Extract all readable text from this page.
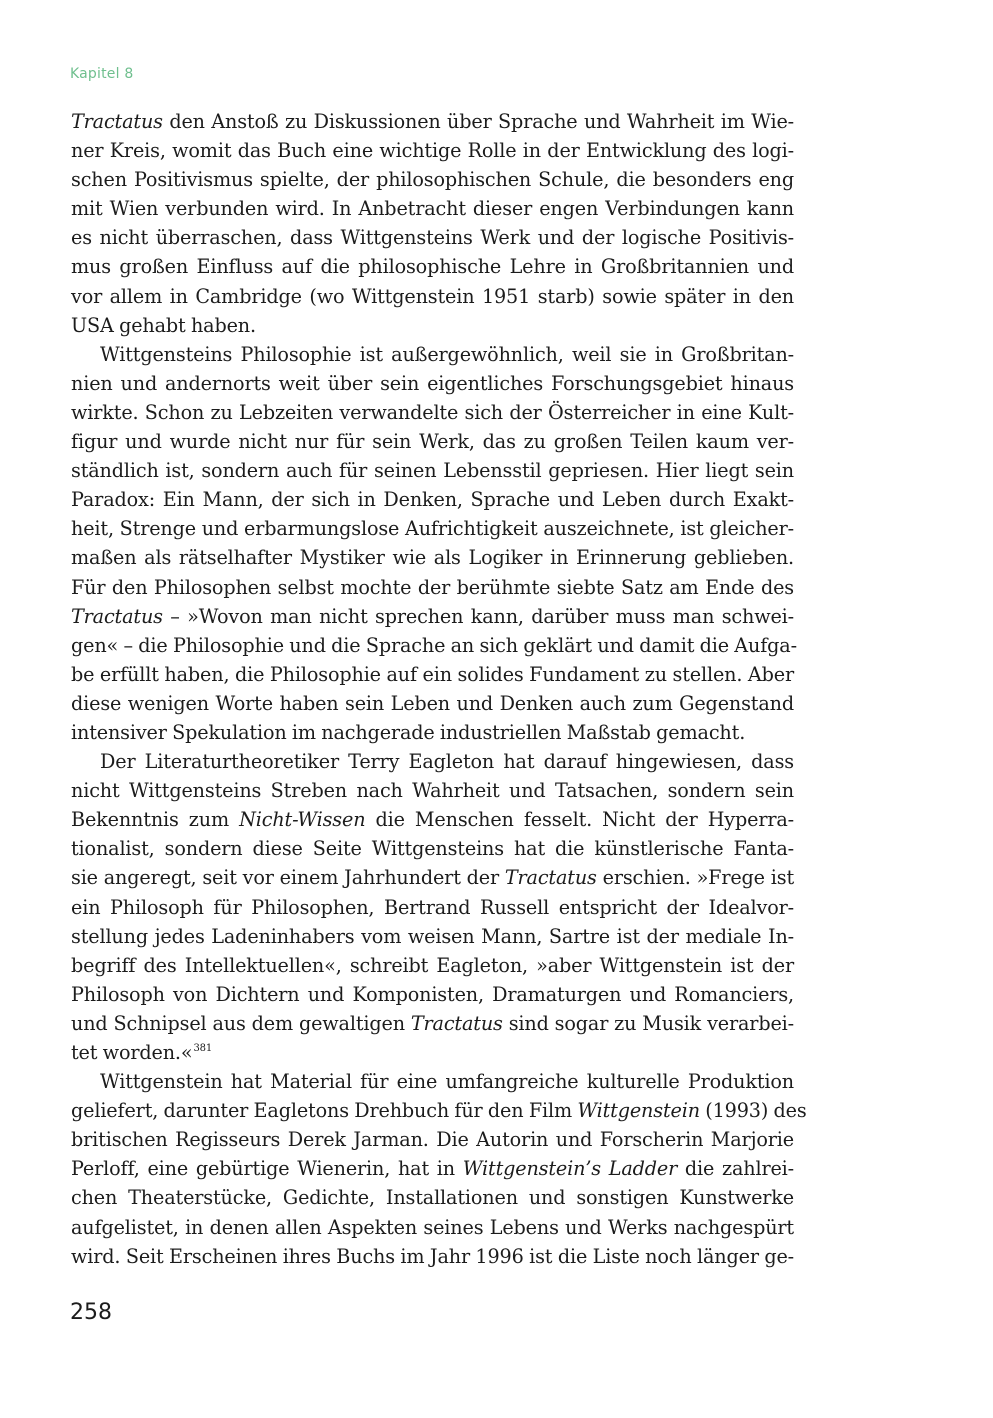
Kapitel 8
Tractatus den Anstoß zu Diskussionen über Sprache und Wahrheit im Wie-
ner Kreis, womit das Buch eine wichtige Rolle in der Entwicklung des logi-
schen Positivismus spielte, der philosophischen Schule, die besonders eng
mit Wien verbunden wird. In Anbetracht dieser engen Verbindungen kann
es nicht überraschen, dass Wittgensteins Werk und der logische Positivis-
mus großen Einfluss auf die philosophische Lehre in Großbritannien und
vor allem in Cambridge (wo Wittgenstein 1951 starb) sowie später in den
USA gehabt haben.
Wittgensteins Philosophie ist außergewöhnlich, weil sie in Großbritan-
nien und andernorts weit über sein eigentliches Forschungsgebiet hinaus
wirkte. Schon zu Lebzeiten verwandelte sich der Österreicher in eine Kult-
figur und wurde nicht nur für sein Werk, das zu großen Teilen kaum ver-
ständlich ist, sondern auch für seinen Lebensstil gepriesen. Hier liegt sein
Paradox: Ein Mann, der sich in Denken, Sprache und Leben durch Exakt-
heit, Strenge und erbarmungslose Aufrichtigkeit auszeichnete, ist gleicher-
maßen als rätselhafter Mystiker wie als Logiker in Erinnerung geblieben.
Für den Philosophen selbst mochte der berühmte siebte Satz am Ende des
Tractatus – »Wovon man nicht sprechen kann, darüber muss man schwei-
gen« – die Philosophie und die Sprache an sich geklärt und damit die Aufga-
be erfüllt haben, die Philosophie auf ein solides Fundament zu stellen. Aber
diese wenigen Worte haben sein Leben und Denken auch zum Gegenstand
intensiver Spekulation im nachgerade industriellen Maßstab gemacht.
Der Literaturtheoretiker Terry Eagleton hat darauf hingewiesen, dass
nicht Wittgensteins Streben nach Wahrheit und Tatsachen, sondern sein
Bekenntnis zum Nicht-Wissen die Menschen fesselt. Nicht der Hyperra-
tionalist, sondern diese Seite Wittgensteins hat die künstlerische Fanta-
sie angeregt, seit vor einem Jahrhundert der Tractatus erschien. »Frege ist
ein Philosoph für Philosophen, Bertrand Russell entspricht der Idealvor-
stellung jedes Ladeninhabers vom weisen Mann, Sartre ist der mediale In-
begriff des Intellektuellen«, schreibt Eagleton, »aber Wittgenstein ist der
Philosoph von Dichtern und Komponisten, Dramaturgen und Romanciers,
und Schnipsel aus dem gewaltigen Tractatus sind sogar zu Musik verarbei-
tet worden.«$^{381}$
Wittgenstein hat Material für eine umfangreiche kulturelle Produktion
geliefert, darunter Eagletons Drehbuch für den Film Wittgenstein (1993) des
britischen Regisseurs Derek Jarman. Die Autorin und Forscherin Marjorie
Perloff, eine gebürtige Wienerin, hat in Wittgenstein’s Ladder die zahlrei-
chen Theaterstücke, Gedichte, Installationen und sonstigen Kunstwerke
aufgelistet, in denen allen Aspekten seines Lebens und Werks nachgespürt
wird. Seit Erscheinen ihres Buchs im Jahr 1996 ist die Liste noch länger ge-
258
